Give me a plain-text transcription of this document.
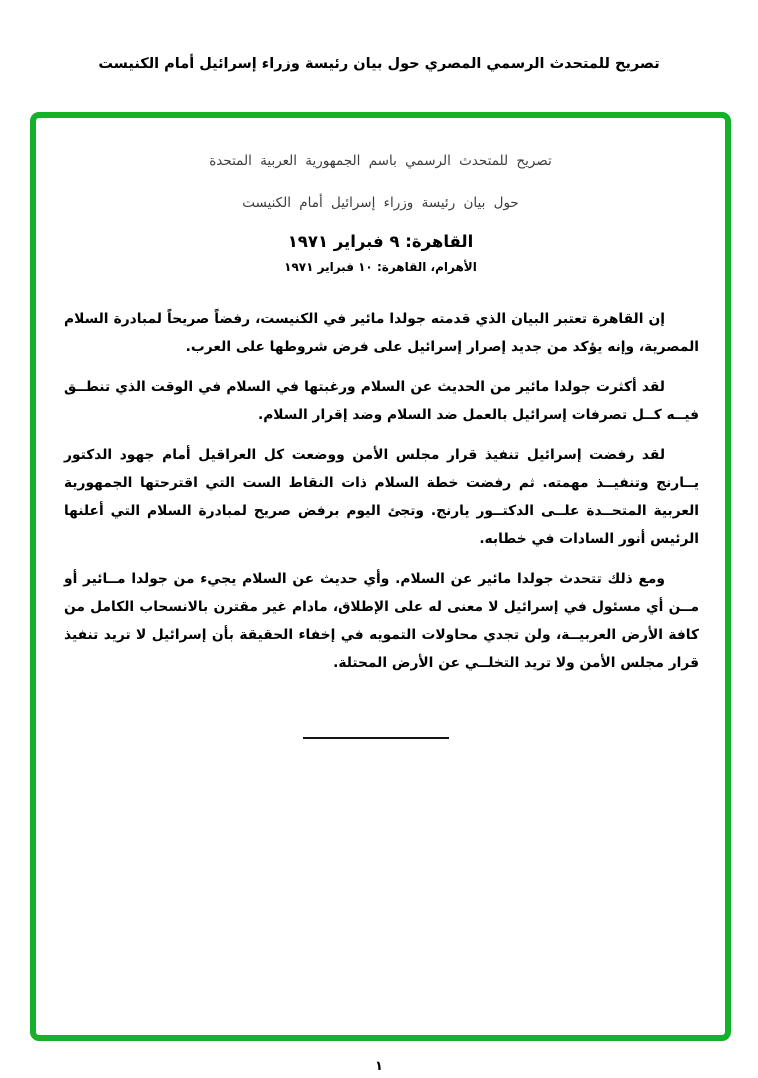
تصريح للمتحدث الرسمي المصري حول بيان رئيسة وزراء إسرائيل أمام الكنيست
تصريح للمتحدث الرسمي باسم الجمهورية العربية المتحدة
حول بيان رئيسة وزراء إسرائيل أمام الكنيست
القاهرة: ٩ فبراير ١٩٧١
الأهرام، القاهرة: ١٠ فبراير ١٩٧١

إن القاهرة تعتبر البيان الذي قدمته جولدا مائير في الكنيست، رفضاً صريحاً لمبادرة السلام المصرية، وإنه يؤكد من جديد إصرار إسرائيل على فرض شروطها على العرب.

لقد أكثرت جولدا مائير من الحديث عن السلام ورغبتها في السلام في الوقت الذي تنطــق فيــه كــل تصرفات إسرائيل بالعمل ضد السلام وضد إقرار السلام.

لقد رفضت إسرائيل تنفيذ قرار مجلس الأمن ووضعت كل العراقيل أمام جهود الدكتور يــارنج وتنفيــذ مهمته. ثم رفضت خطة السلام ذات النقاط الست التي اقترحتها الجمهورية العربية المتحــدة علــى الدكتــور يارنج. وتجئ اليوم برفض صريح لمبادرة السلام التي أعلنها الرئيس أنور السادات في خطابه.

ومع ذلك تتحدث جولدا مائير عن السلام. وأي حديث عن السلام يجيء من جولدا مــائير أو مــن أي مسئول في إسرائيل لا معنى له على الإطلاق، مادام غير مقترن بالانسحاب الكامل من كافة الأرض العربيــة، ولن تجدي محاولات التمويه في إخفاء الحقيقة بأن إسرائيل لا تريد تنفيذ قرار مجلس الأمن ولا تريد التخلــي عن الأرض المحتلة.

١
